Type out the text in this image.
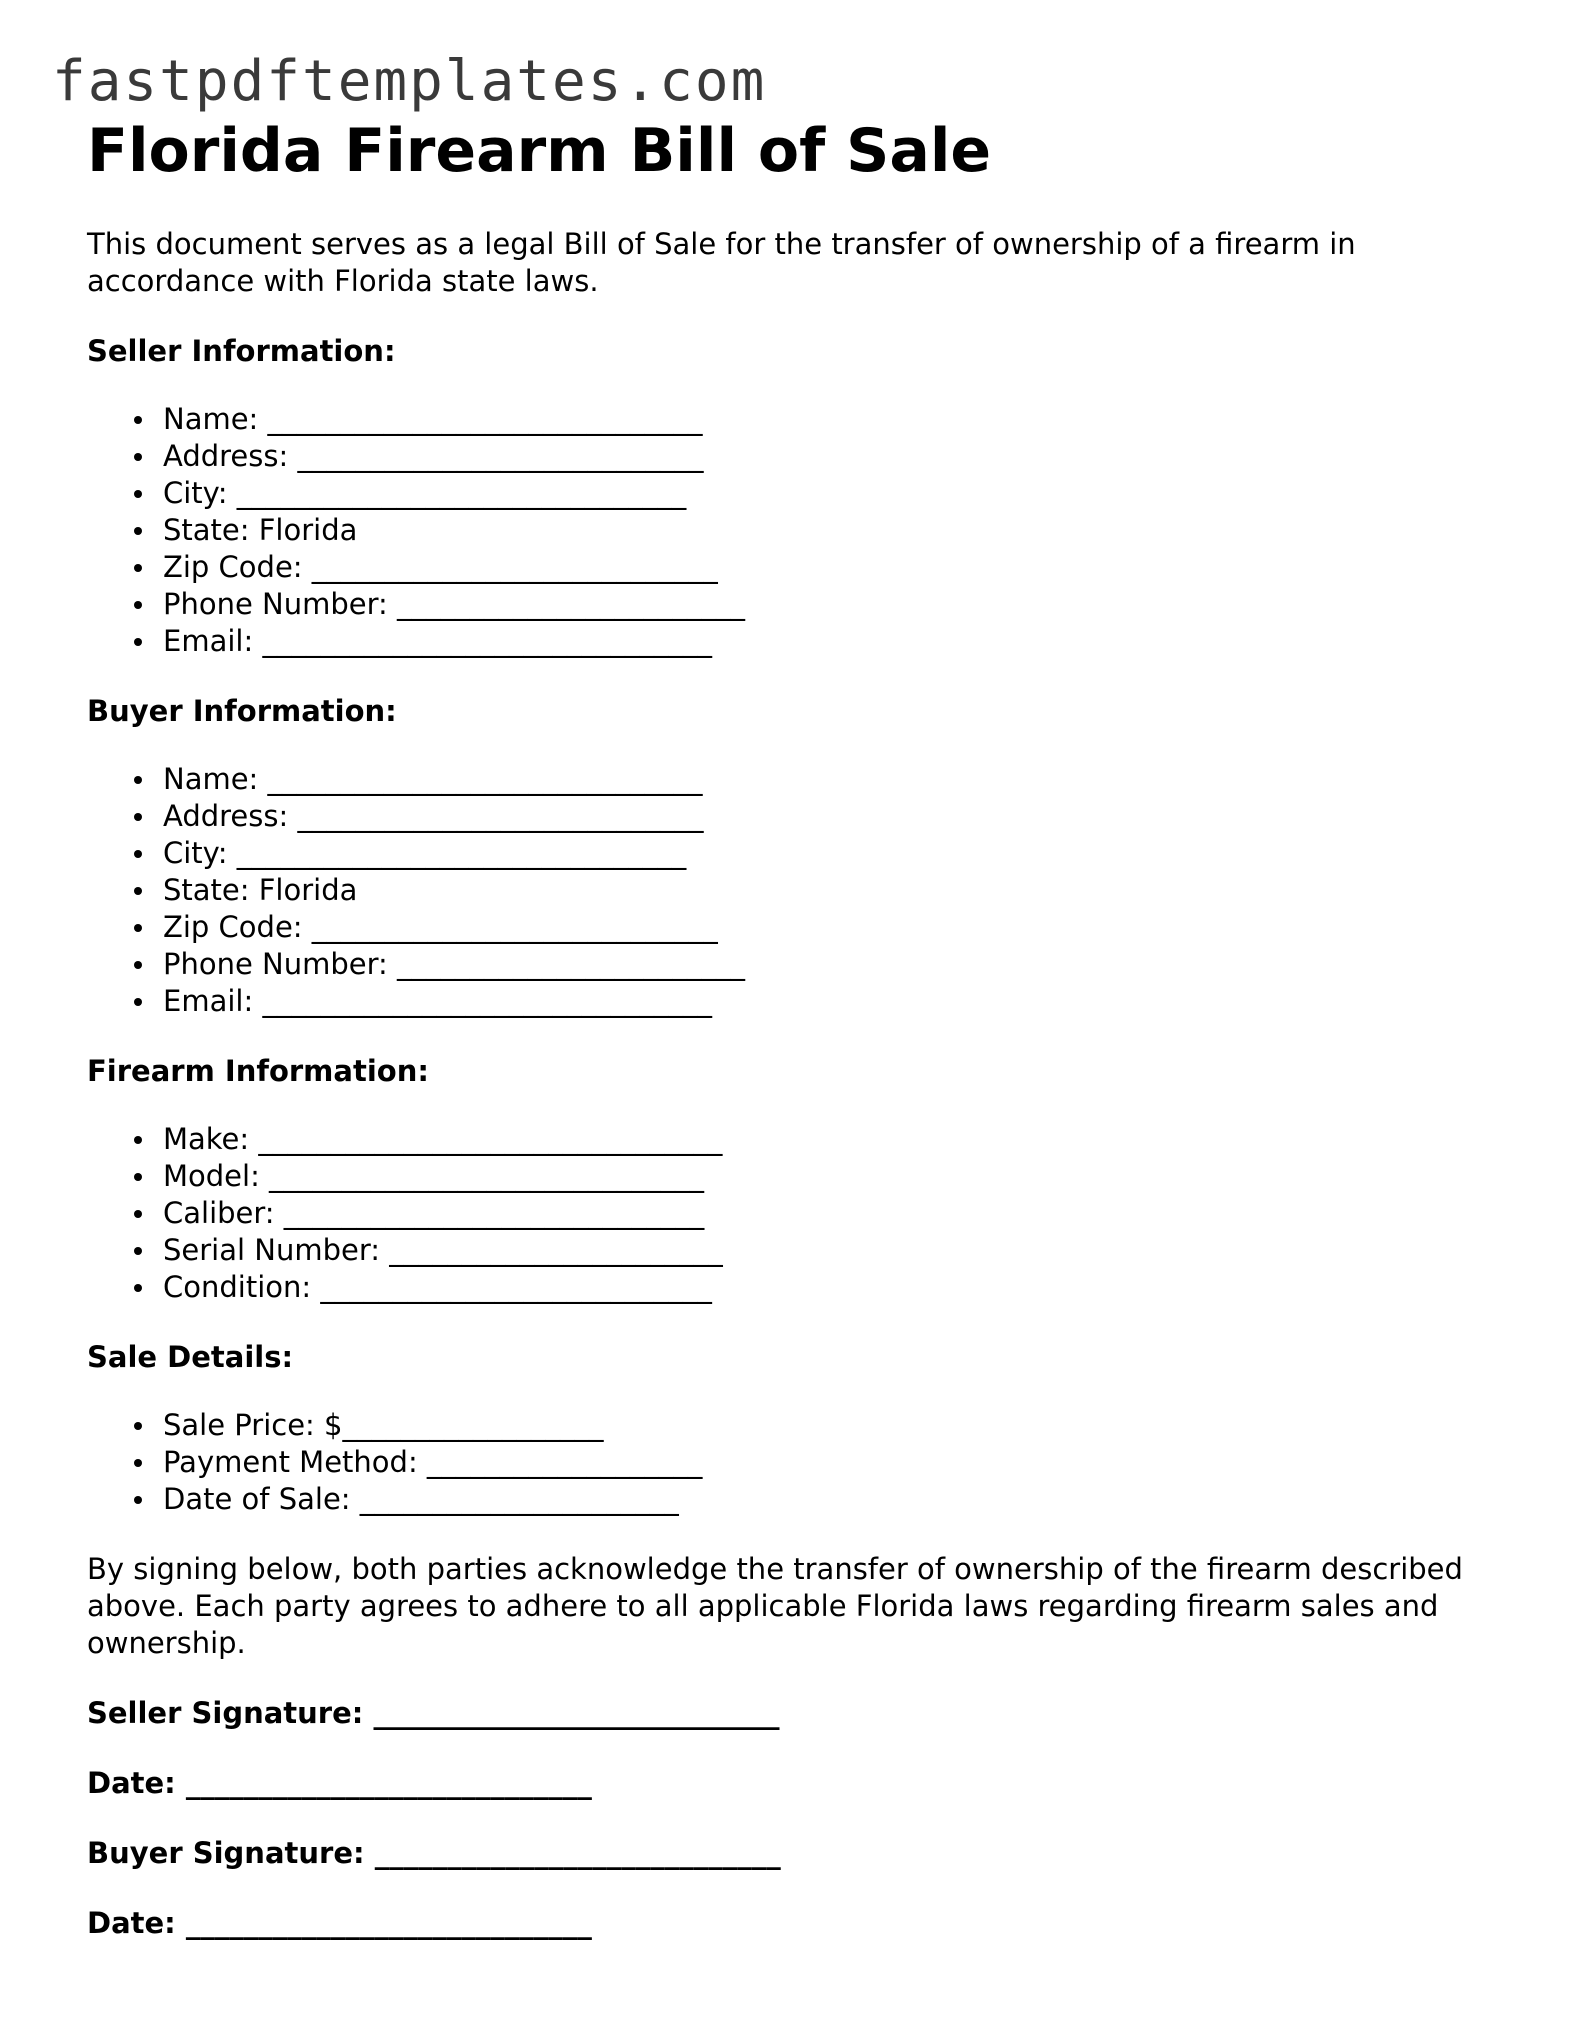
fastpdftemplates.com
Florida Firearm Bill of Sale

This document serves as a legal Bill of Sale for the transfer of ownership of a firearm in accordance with Florida state laws.

Seller Information:
Name: ______________________________
Address: ____________________________
City: _______________________________
State: Florida
Zip Code: ____________________________
Phone Number: ________________________
Email: _______________________________
Buyer Information:
Name: ______________________________
Address: ____________________________
City: _______________________________
State: Florida
Zip Code: ____________________________
Phone Number: ________________________
Email: _______________________________
Firearm Information:
Make: ________________________________
Model: ______________________________
Caliber: _____________________________
Serial Number: _______________________
Condition: ___________________________
Sale Details:
Sale Price: $__________________
Payment Method: ___________________
Date of Sale: ______________________

By signing below, both parties acknowledge the transfer of ownership of the firearm described above. Each party agrees to adhere to all applicable Florida laws regarding firearm sales and ownership.

Seller Signature: ____________________________
Date: ____________________________
Buyer Signature: ____________________________
Date: ____________________________
